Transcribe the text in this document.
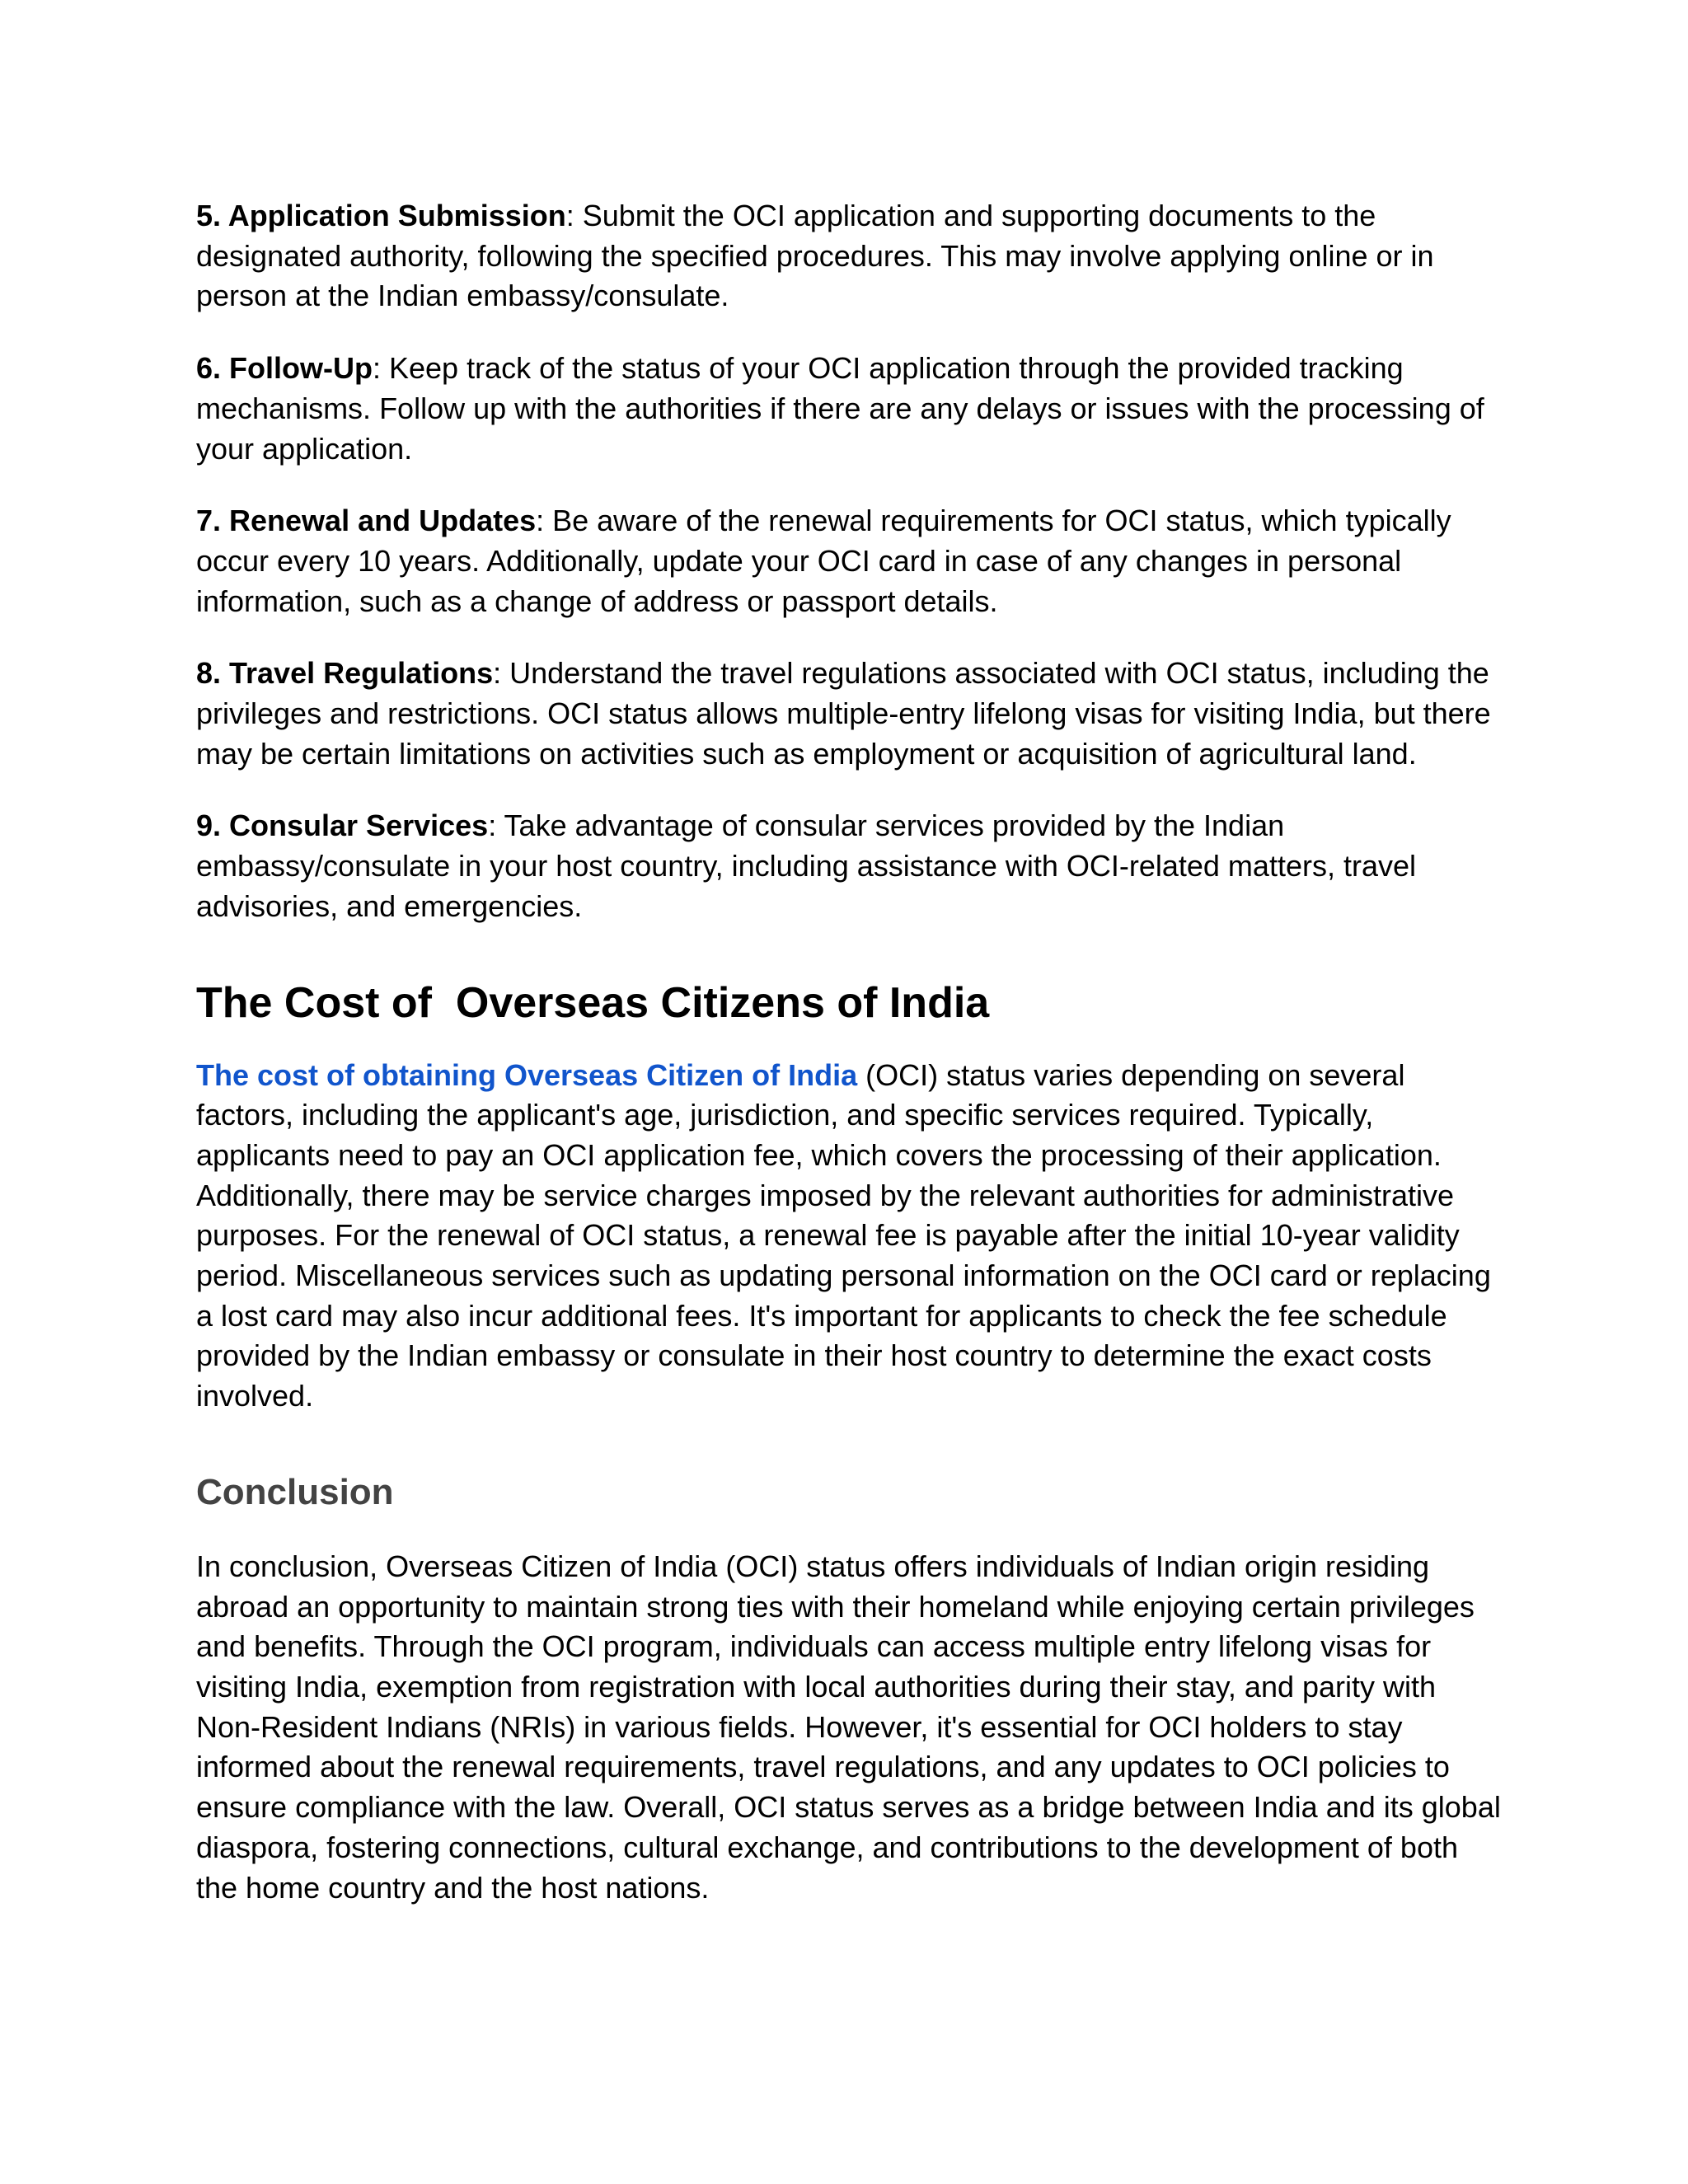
5. Application Submission: Submit the OCI application and supporting documents to the designated authority, following the specified procedures. This may involve applying online or in person at the Indian embassy/consulate.

6. Follow-Up: Keep track of the status of your OCI application through the provided tracking mechanisms. Follow up with the authorities if there are any delays or issues with the processing of your application.

7. Renewal and Updates: Be aware of the renewal requirements for OCI status, which typically occur every 10 years. Additionally, update your OCI card in case of any changes in personal information, such as a change of address or passport details.

8. Travel Regulations: Understand the travel regulations associated with OCI status, including the privileges and restrictions. OCI status allows multiple-entry lifelong visas for visiting India, but there may be certain limitations on activities such as employment or acquisition of agricultural land.

9. Consular Services: Take advantage of consular services provided by the Indian embassy/consulate in your host country, including assistance with OCI-related matters, travel advisories, and emergencies.

The Cost of  Overseas Citizens of India

The cost of obtaining Overseas Citizen of India (OCI) status varies depending on several factors, including the applicant's age, jurisdiction, and specific services required. Typically, applicants need to pay an OCI application fee, which covers the processing of their application. Additionally, there may be service charges imposed by the relevant authorities for administrative purposes. For the renewal of OCI status, a renewal fee is payable after the initial 10-year validity period. Miscellaneous services such as updating personal information on the OCI card or replacing a lost card may also incur additional fees. It's important for applicants to check the fee schedule provided by the Indian embassy or consulate in their host country to determine the exact costs involved.

Conclusion

In conclusion, Overseas Citizen of India (OCI) status offers individuals of Indian origin residing abroad an opportunity to maintain strong ties with their homeland while enjoying certain privileges and benefits. Through the OCI program, individuals can access multiple entry lifelong visas for visiting India, exemption from registration with local authorities during their stay, and parity with Non-Resident Indians (NRIs) in various fields. However, it's essential for OCI holders to stay informed about the renewal requirements, travel regulations, and any updates to OCI policies to ensure compliance with the law. Overall, OCI status serves as a bridge between India and its global diaspora, fostering connections, cultural exchange, and contributions to the development of both the home country and the host nations.
